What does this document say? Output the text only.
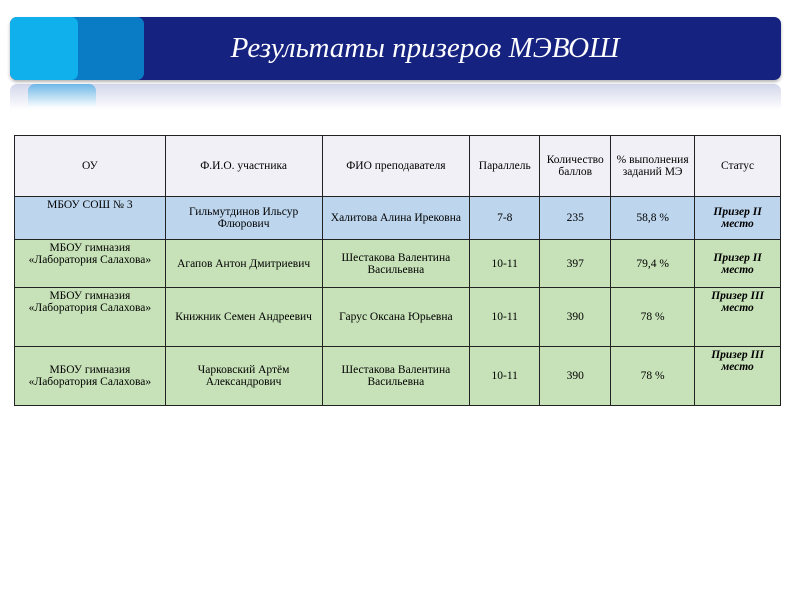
Результаты призеров МЭВОШ
ОУ	Ф.И.О. участника	ФИО преподавателя	Параллель	Количество баллов	% выполнения заданий МЭ	Статус
МБОУ СОШ № 3	Гильмутдинов Ильсур Флюрович	Халитова Алина Ирековна	7-8	235	58,8 %	Призер II место
МБОУ гимназия «Лаборатория Салахова»	Агапов Антон Дмитриевич	Шестакова Валентина Васильевна	10-11	397	79,4 %	Призер II место
МБОУ гимназия «Лаборатория Салахова»	Книжник Семен Андреевич	Гарус Оксана Юрьевна	10-11	390	78 %	Призер III место
МБОУ гимназия «Лаборатория Салахова»	Чарковский Артём Александрович	Шестакова Валентина Васильевна	10-11	390	78 %	Призер III место
